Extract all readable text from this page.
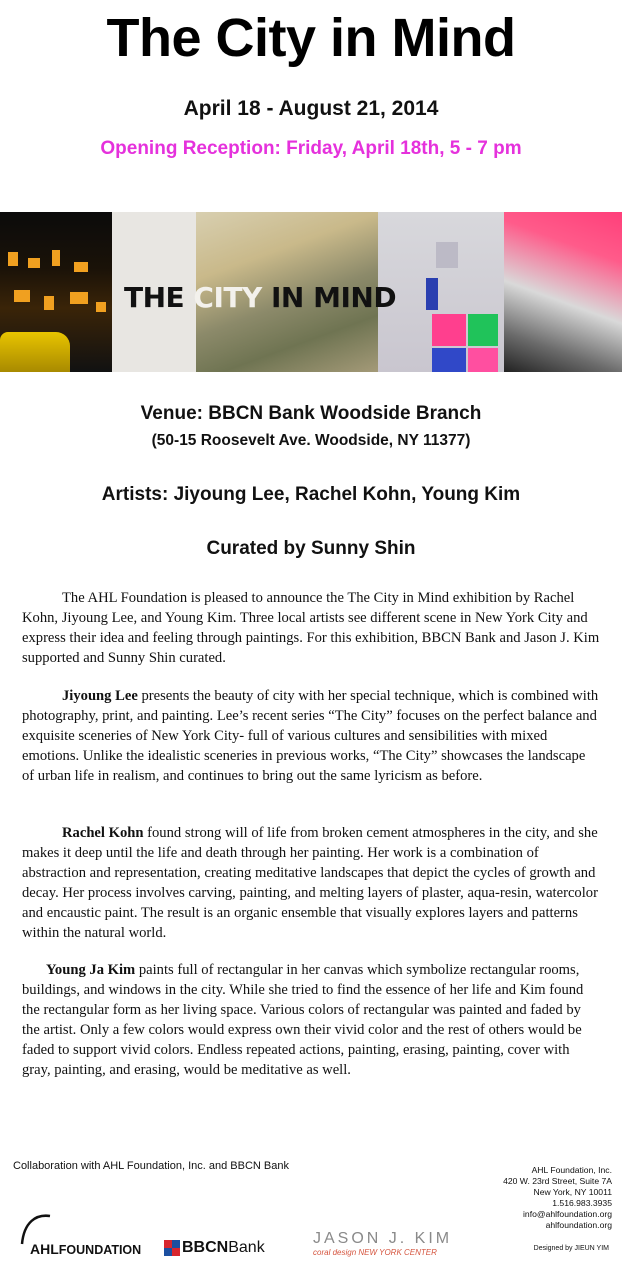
The City in Mind
April 18 - August 21, 2014
Opening Reception: Friday, April 18th, 5 - 7 pm
THE CITY IN MIND
Venue: BBCN Bank Woodside Branch
(50-15 Roosevelt Ave. Woodside, NY 11377)
Artists: Jiyoung Lee, Rachel Kohn, Young Kim
Curated by Sunny Shin

The AHL Foundation is pleased to announce the The City in Mind exhibition by Rachel Kohn, Jiyoung Lee, and Young Kim. Three local artists see different scene in New York City and express their idea and feeling through paintings. For this exhibition, BBCN Bank and Jason J. Kim supported and Sunny Shin curated.

Jiyoung Lee presents the beauty of city with her special technique, which is combined with photography, print, and painting. Lee’s recent series “The City” focuses on the perfect balance and exquisite sceneries of New York City- full of various cultures and sensibilities with mixed emotions. Unlike the idealistic sceneries in previous works, “The City” showcases the landscape of urban life in realism, and continues to bring out the same lyricism as before.

Rachel Kohn found strong will of life from broken cement atmospheres in the city, and she makes it deep until the life and death through her painting. Her work is a combination of abstraction and representation, creating meditative landscapes that depict the cycles of growth and decay. Her process involves carving, painting, and melting layers of plaster, aqua-resin, watercolor and encaustic paint. The result is an organic ensemble that visually explores layers and patterns within the natural world.

Young Ja Kim paints full of rectangular in her canvas which symbolize rectangular rooms, buildings, and windows in the city. While she tried to find the essence of her life and Kim found the rectangular form as her living space. Various colors of rectangular was painted and faded by the artist. Only a few colors would express own their vivid color and the rest of others would be faded to support vivid colors. Endless repeated actions, painting, erasing, painting, cover with gray, painting, and erasing, would be meditative as well.

Collaboration with AHL Foundation, Inc. and BBCN Bank	AHL Foundation, Inc.
420 W. 23rd Street, Suite 7A
New York, NY 10011
1.516.983.3935
info@ahlfoundation.org
ahlfoundation.org
AHLFOUNDATION	BBCNBank
JASON J. KIM
coral design NEW YORK CENTER	Designed by JIEUN YIM
